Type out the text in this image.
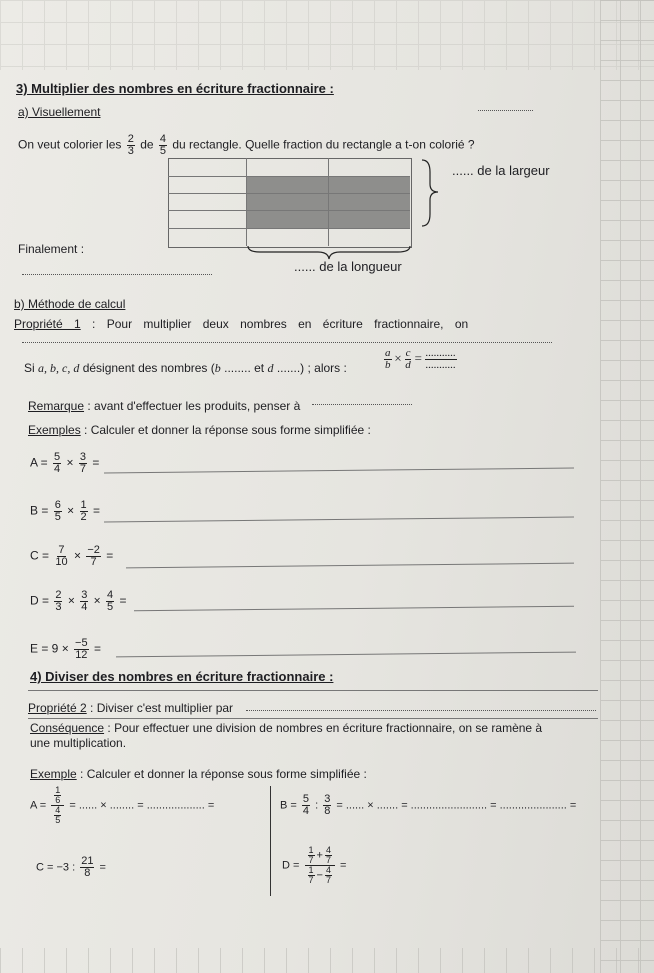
3) Multiplier des nombres en écriture fractionnaire :
a) Visuellement
On veut colorier les $\frac{2}{3}$ de $\frac{4}{5}$ du rectangle. Quelle fraction du rectangle a t-on colorié ?
...... de la largeur
...... de la longueur
Finalement :
b) Méthode de calcul
Propriété 1 : Pour multiplier deux nombres en écriture fractionnaire, on
Si a, b, c, d désignent des nombres (b ........ et d .......) ; alors :	$\frac{a}{b} \times \frac{c}{d} = \frac{...........}{...........}$
Remarque : avant d'effectuer les produits, penser à
Exemples : Calculer et donner la réponse sous forme simplifiée :
$A = \frac{5}{4} \times \frac{3}{7}$ =
$B = \frac{6}{5} \times \frac{1}{2}$ =
$C = \frac{7}{10} \times \frac{-2}{7}$ =
$D = \frac{2}{3} \times \frac{3}{4} \times \frac{4}{5}$ =
$E = 9 \times \frac{-5}{12}$ =
4) Diviser des nombres en écriture fractionnaire :
Propriété 2 : Diviser c'est multiplier par
Conséquence : Pour effectuer une division de nombres en écriture fractionnaire, on se ramène à
une multiplication.
Exemple : Calculer et donner la réponse sous forme simplifiée :
$A = \frac{\frac{1}{6}}{\frac{4}{5}}$ = ...... × ........ = ................... =	$B = \frac{5}{4}$ : $\frac{3}{8}$ = ...... × ....... = ......................... = ...................... =
C = −3 : $\frac{21}{8}$ =	$D = \frac{\frac{1}{7} + \frac{4}{7}}{\frac{1}{7} - \frac{4}{7}}$ =
